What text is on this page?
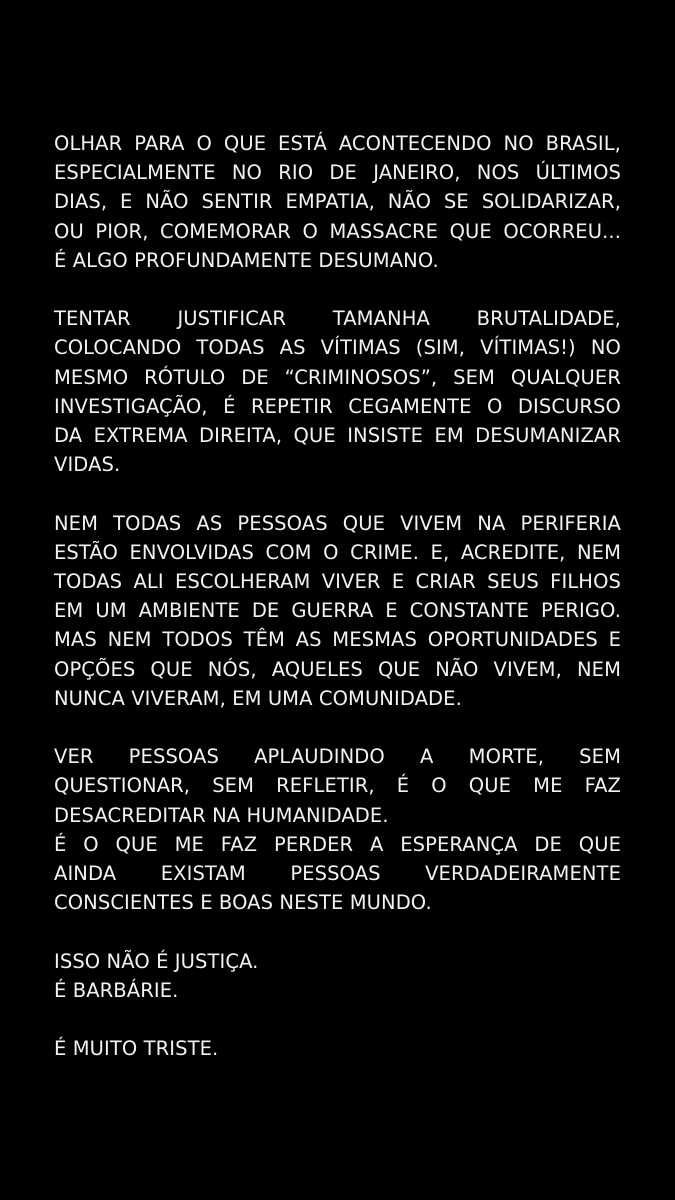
OLHAR PARA O QUE ESTÁ ACONTECENDO NO BRASIL,
ESPECIALMENTE NO RIO DE JANEIRO, NOS ÚLTIMOS
DIAS, E NÃO SENTIR EMPATIA, NÃO SE SOLIDARIZAR,
OU PIOR, COMEMORAR O MASSACRE QUE OCORREU...
É ALGO PROFUNDAMENTE DESUMANO.
TENTAR JUSTIFICAR TAMANHA BRUTALIDADE,
COLOCANDO TODAS AS VÍTIMAS (SIM, VÍTIMAS!) NO
MESMO RÓTULO DE “CRIMINOSOS”, SEM QUALQUER
INVESTIGAÇÃO, É REPETIR CEGAMENTE O DISCURSO
DA EXTREMA DIREITA, QUE INSISTE EM DESUMANIZAR
VIDAS.
NEM TODAS AS PESSOAS QUE VIVEM NA PERIFERIA
ESTÃO ENVOLVIDAS COM O CRIME. E, ACREDITE, NEM
TODAS ALI ESCOLHERAM VIVER E CRIAR SEUS FILHOS
EM UM AMBIENTE DE GUERRA E CONSTANTE PERIGO.
MAS NEM TODOS TÊM AS MESMAS OPORTUNIDADES E
OPÇÕES QUE NÓS, AQUELES QUE NÃO VIVEM, NEM
NUNCA VIVERAM, EM UMA COMUNIDADE.
VER PESSOAS APLAUDINDO A MORTE, SEM
QUESTIONAR, SEM REFLETIR, É O QUE ME FAZ
DESACREDITAR NA HUMANIDADE.
É O QUE ME FAZ PERDER A ESPERANÇA DE QUE
AINDA EXISTAM PESSOAS VERDADEIRAMENTE
CONSCIENTES E BOAS NESTE MUNDO.
ISSO NÃO É JUSTIÇA.
É BARBÁRIE.
É MUITO TRISTE.
